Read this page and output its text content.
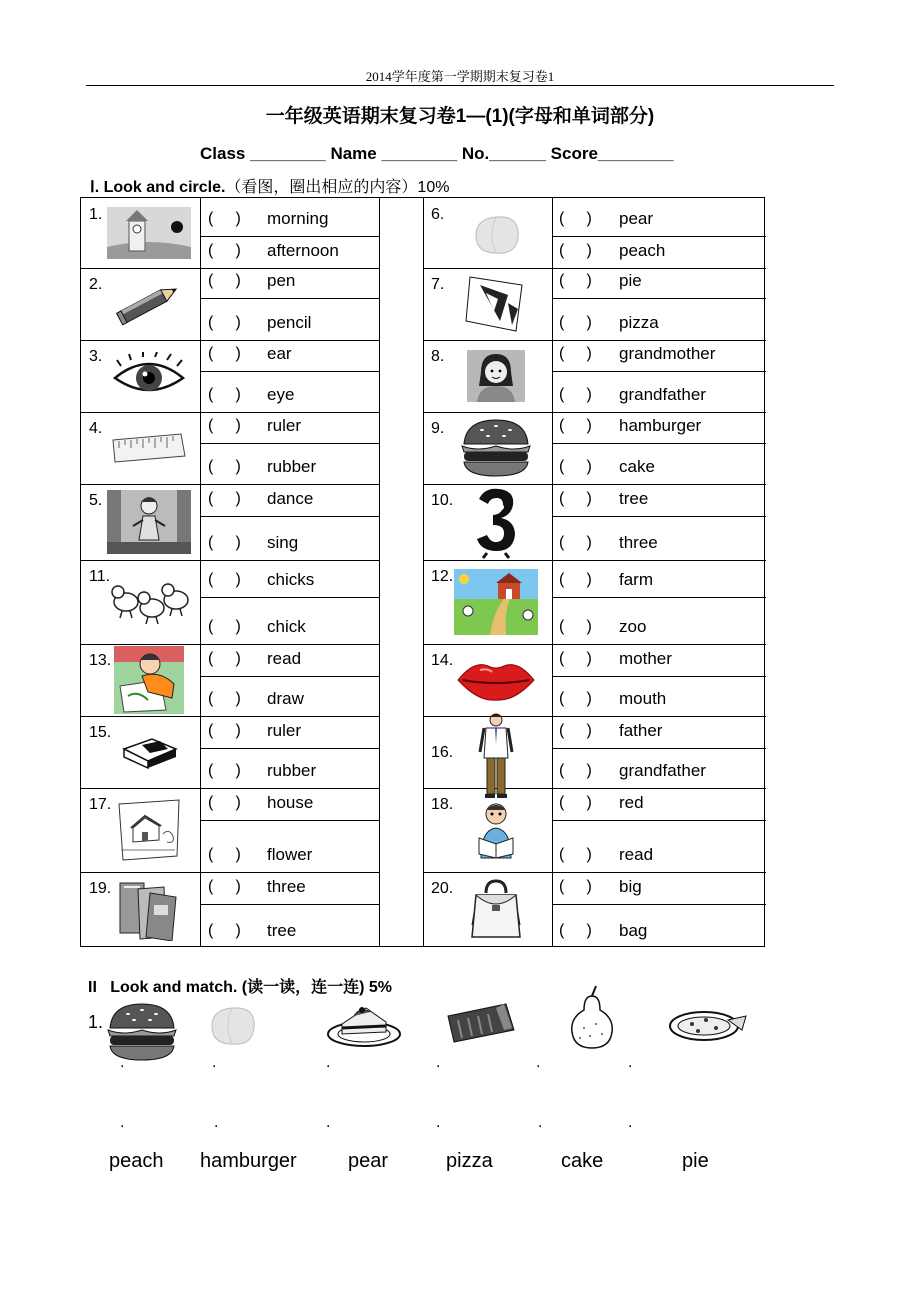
2014学年度第一学期期末复习卷1
一年级英语期末复习卷1—(1)(字母和单词部分)
Class ________ Name ________ No.______ Score________
Ⅰ. Look and circle.（看图，圈出相应的内容）10%
1.	(     ) morning
(     ) afternoon
2.	(     ) pen
(     ) pencil
3.	(     ) ear
(     ) eye
4.	(     ) ruler
(     ) rubber
5.	(     ) dance
(     ) sing
11.	(     ) chicks
(     ) chick
13.	(     ) read
(     ) draw
15.	(     ) ruler
(     ) rubber
17.	(     ) house
(     ) flower
19.	(     ) three
(     ) tree
6.	(     ) pear
(     ) peach
7.	(     ) pie
(     ) pizza
8.	(     ) grandmother
(     ) grandfather
9.	(     ) hamburger
(     ) cake
10.	(     ) tree
(     ) three
12.	(     ) farm
(     ) zoo
14.	(     ) mother
(     ) mouth
16.
(     ) father
(     ) grandfather
18.	(     ) red
(     ) read
20.	(     ) big
(     ) bag
II   Look and match. (读一读，连一连) 5%
1.
.	.	.	.	.	.
.	.	.	.	.	.
peach hamburger	pear	pizza	cake	pie
